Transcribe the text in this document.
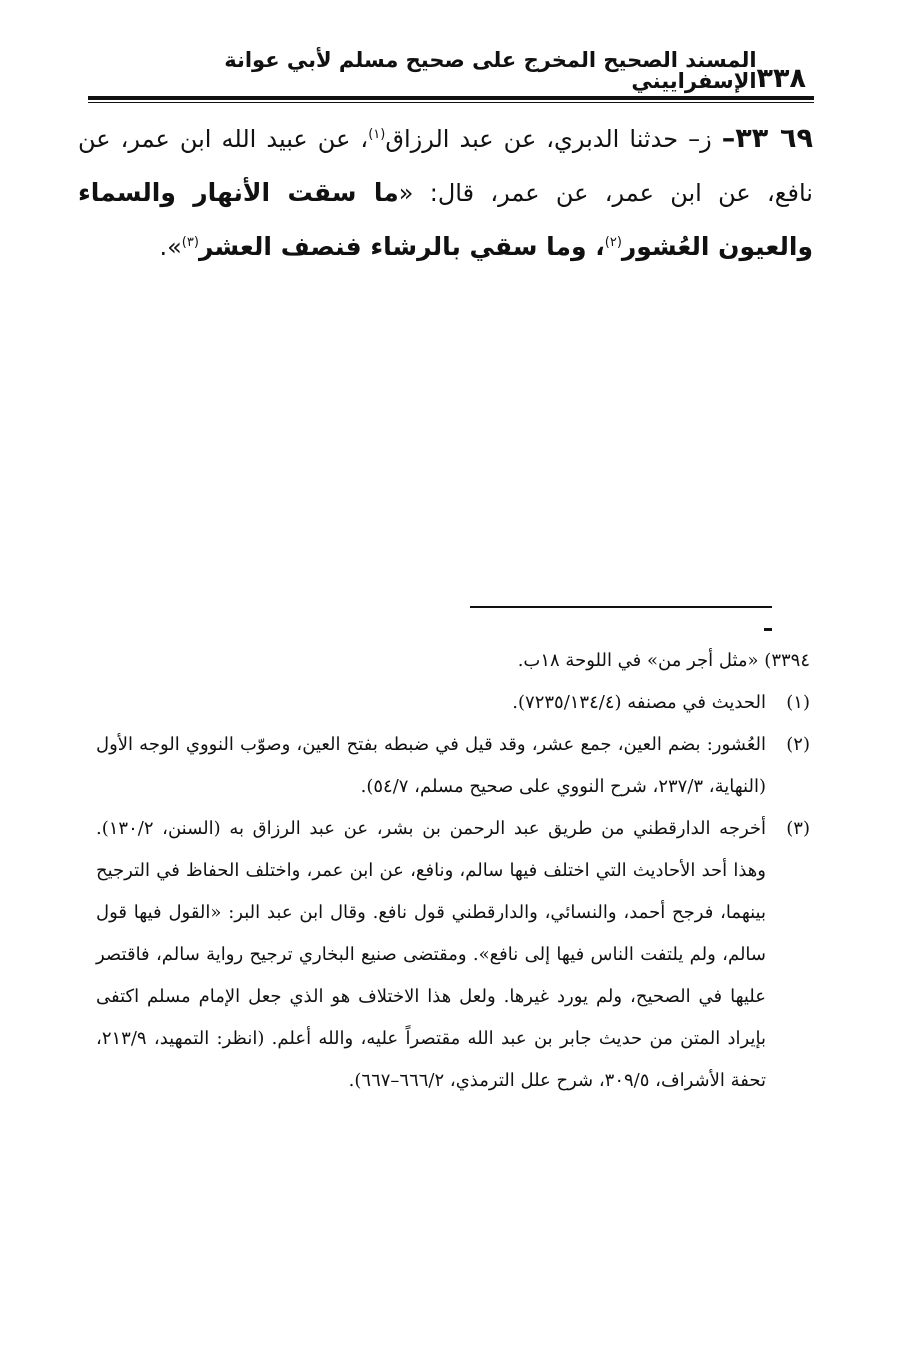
٣٣٨
المسند الصحيح المخرج على صحيح مسلم لأبي عوانة الإسفراييني
٦٩ ٣٣– ز– حدثنا الدبري، عن عبد الرزاق$^{(١)}$، عن عبيد الله ابن عمر، عن نافع، عن ابن عمر، عن عمر، قال: «ما سقت الأنهار والسماء والعيون العُشور$^{(٢)}$، وما سقي بالرشاء فنصف العشر$^{(٣)}$».
٣٣٩٤) «مثل أجر من» في اللوحة ١٨ب.
(١)
الحديث في مصنفه (٧٢٣٥/١٣٤/٤).
(٢)
العُشور: بضم العين، جمع عشر، وقد قيل في ضبطه بفتح العين، وصوّب النووي الوجه الأول (النهاية، ٢٣٧/٣، شرح النووي على صحيح مسلم، ٥٤/٧).
(٣)
أخرجه الدارقطني من طريق عبد الرحمن بن بشر، عن عبد الرزاق به (السنن، ١٣٠/٢). وهذا أحد الأحاديث التي اختلف فيها سالم، ونافع، عن ابن عمر، واختلف الحفاظ في الترجيح بينهما، فرجح أحمد، والنسائي، والدارقطني قول نافع. وقال ابن عبد البر: «القول فيها قول سالم، ولم يلتفت الناس فيها إلى نافع». ومقتضى صنيع البخاري ترجيح رواية سالم، فاقتصر عليها في الصحيح، ولم يورد غيرها. ولعل هذا الاختلاف هو الذي جعل الإمام مسلم اكتفى بإيراد المتن من حديث جابر بن عبد الله مقتصراً عليه، والله أعلم. (انظر: التمهيد، ٢١٣/٩، تحفة الأشراف، ٣٠٩/٥، شرح علل الترمذي، ٦٦٦/٢–٦٦٧).
